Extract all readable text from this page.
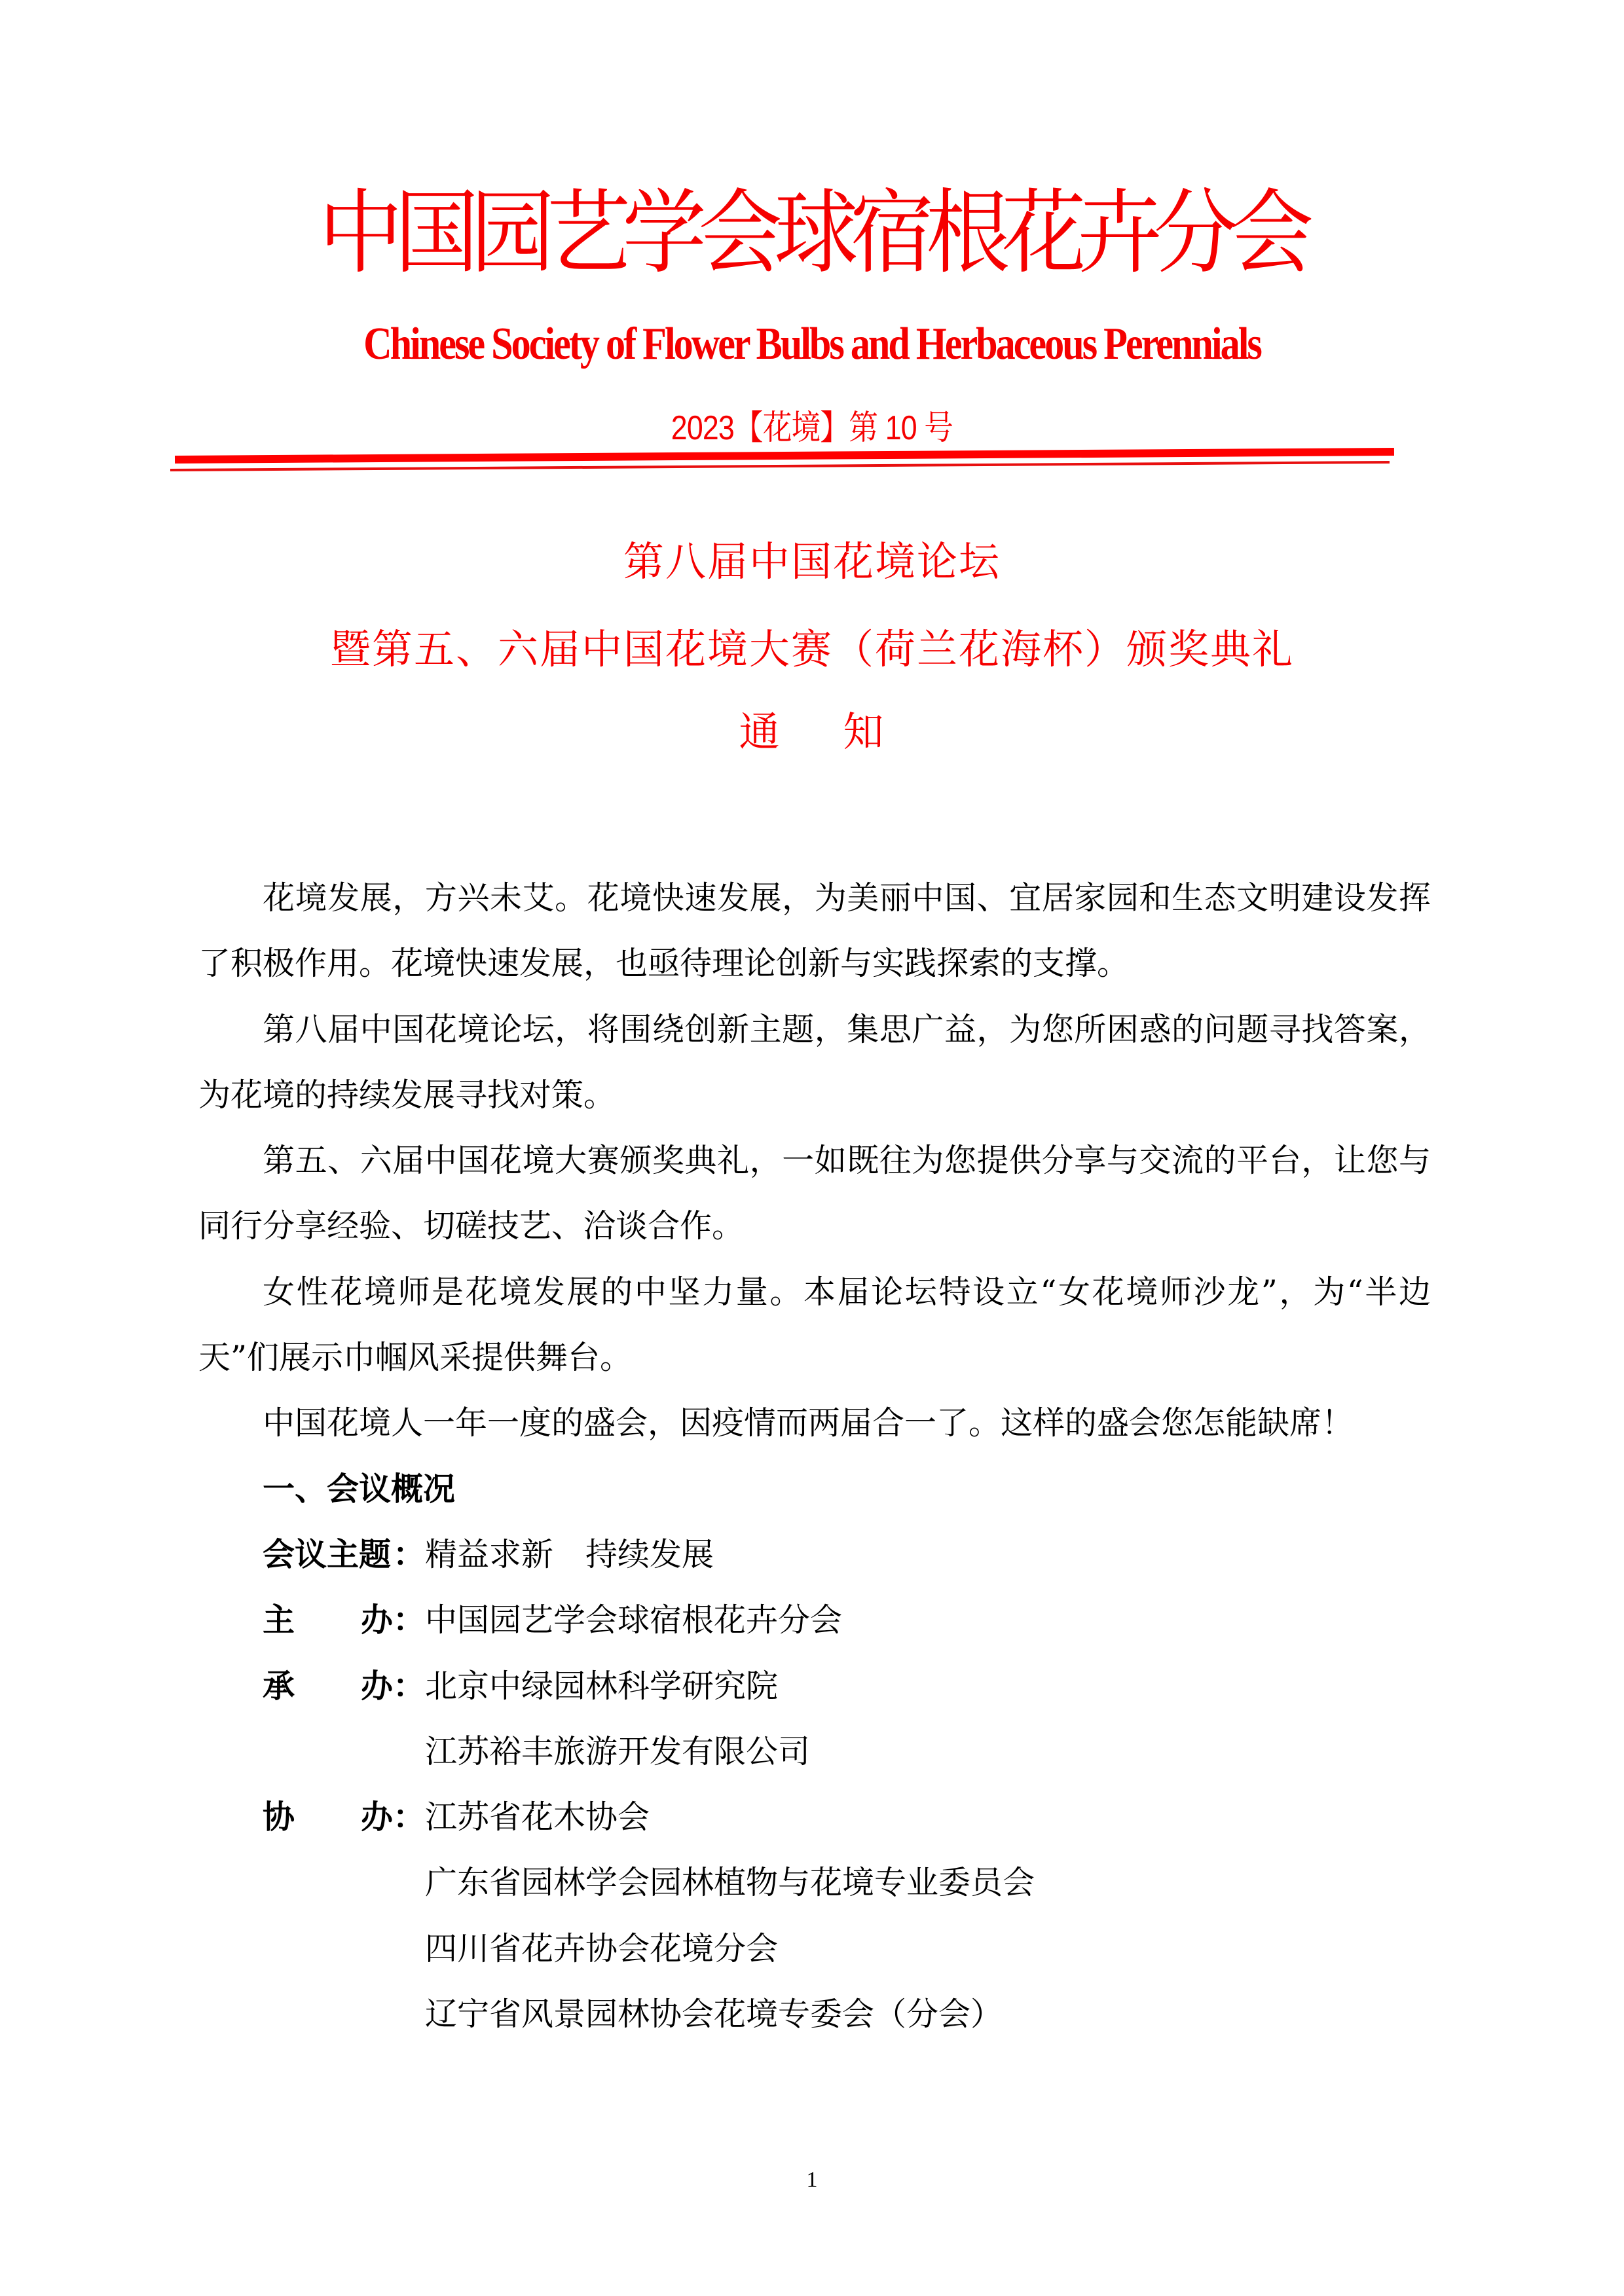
中国园艺学会球宿根花卉分会
Chinese Society of Flower Bulbs and Herbaceous Perennials
2023【花境】第 10 号
第八届中国花境论坛
暨第五、六届中国花境大赛（荷兰花海杯）颁奖典礼
通 知

花境发展，方兴未艾。花境快速发展，为美丽中国、宜居家园和生态文明建设发挥了积极作用。花境快速发展，也亟待理论创新与实践探索的支撑。

第八届中国花境论坛，将围绕创新主题，集思广益，为您所困惑的问题寻找答案，为花境的持续发展寻找对策。

第五、六届中国花境大赛颁奖典礼，一如既往为您提供分享与交流的平台，让您与同行分享经验、切磋技艺、洽谈合作。

女性花境师是花境发展的中坚力量。本届论坛特设立“女花境师沙龙”，为“半边天”们展示巾帼风采提供舞台。

中国花境人一年一度的盛会，因疫情而两届合一了。这样的盛会您怎能缺席！

一、会议概况

会议主题 ： 精益求新　持续发展
主 办： 中国园艺学会球宿根花卉分会
承 办： 北京中绿园林科学研究院
江苏裕丰旅游开发有限公司
协 办： 江苏省花木协会
广东省园林学会园林植物与花境专业委员会
四川省花卉协会花境分会
辽宁省风景园林协会花境专委会（分会）
1
